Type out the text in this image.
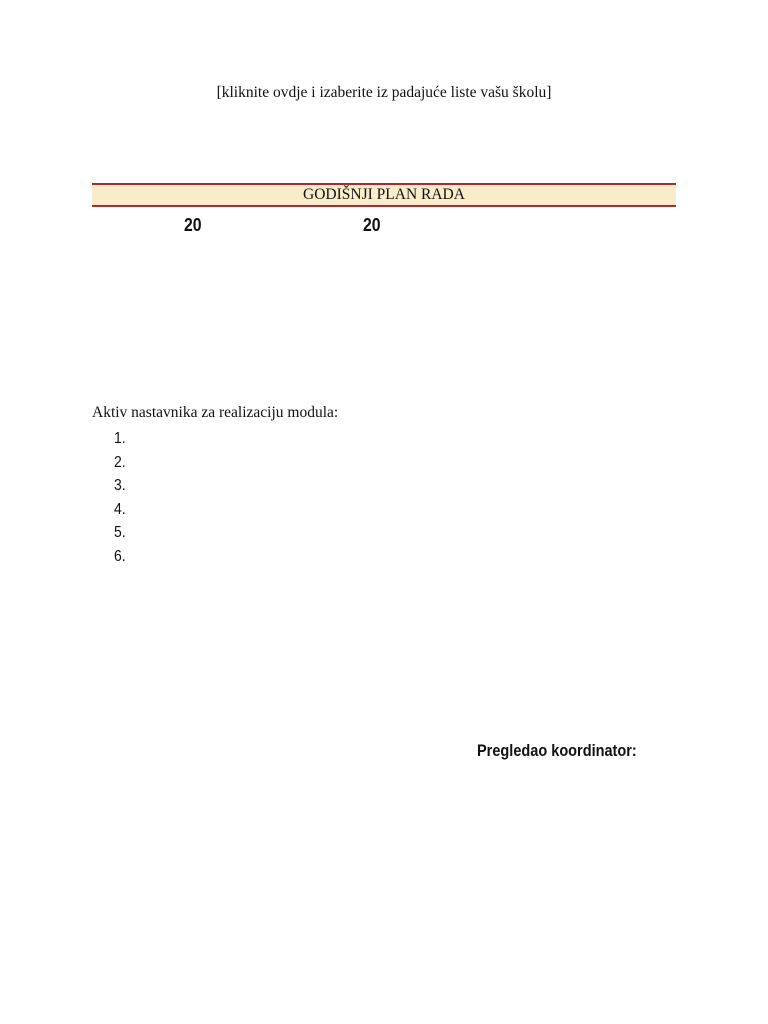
[kliknite ovdje i izaberite iz padajuće liste vašu školu]
GODIŠNJI PLAN RADA
20	20
Aktiv nastavnika za realizaciju modula:
1.
2.
3.
4.
5.
6.
Pregledao koordinator:
